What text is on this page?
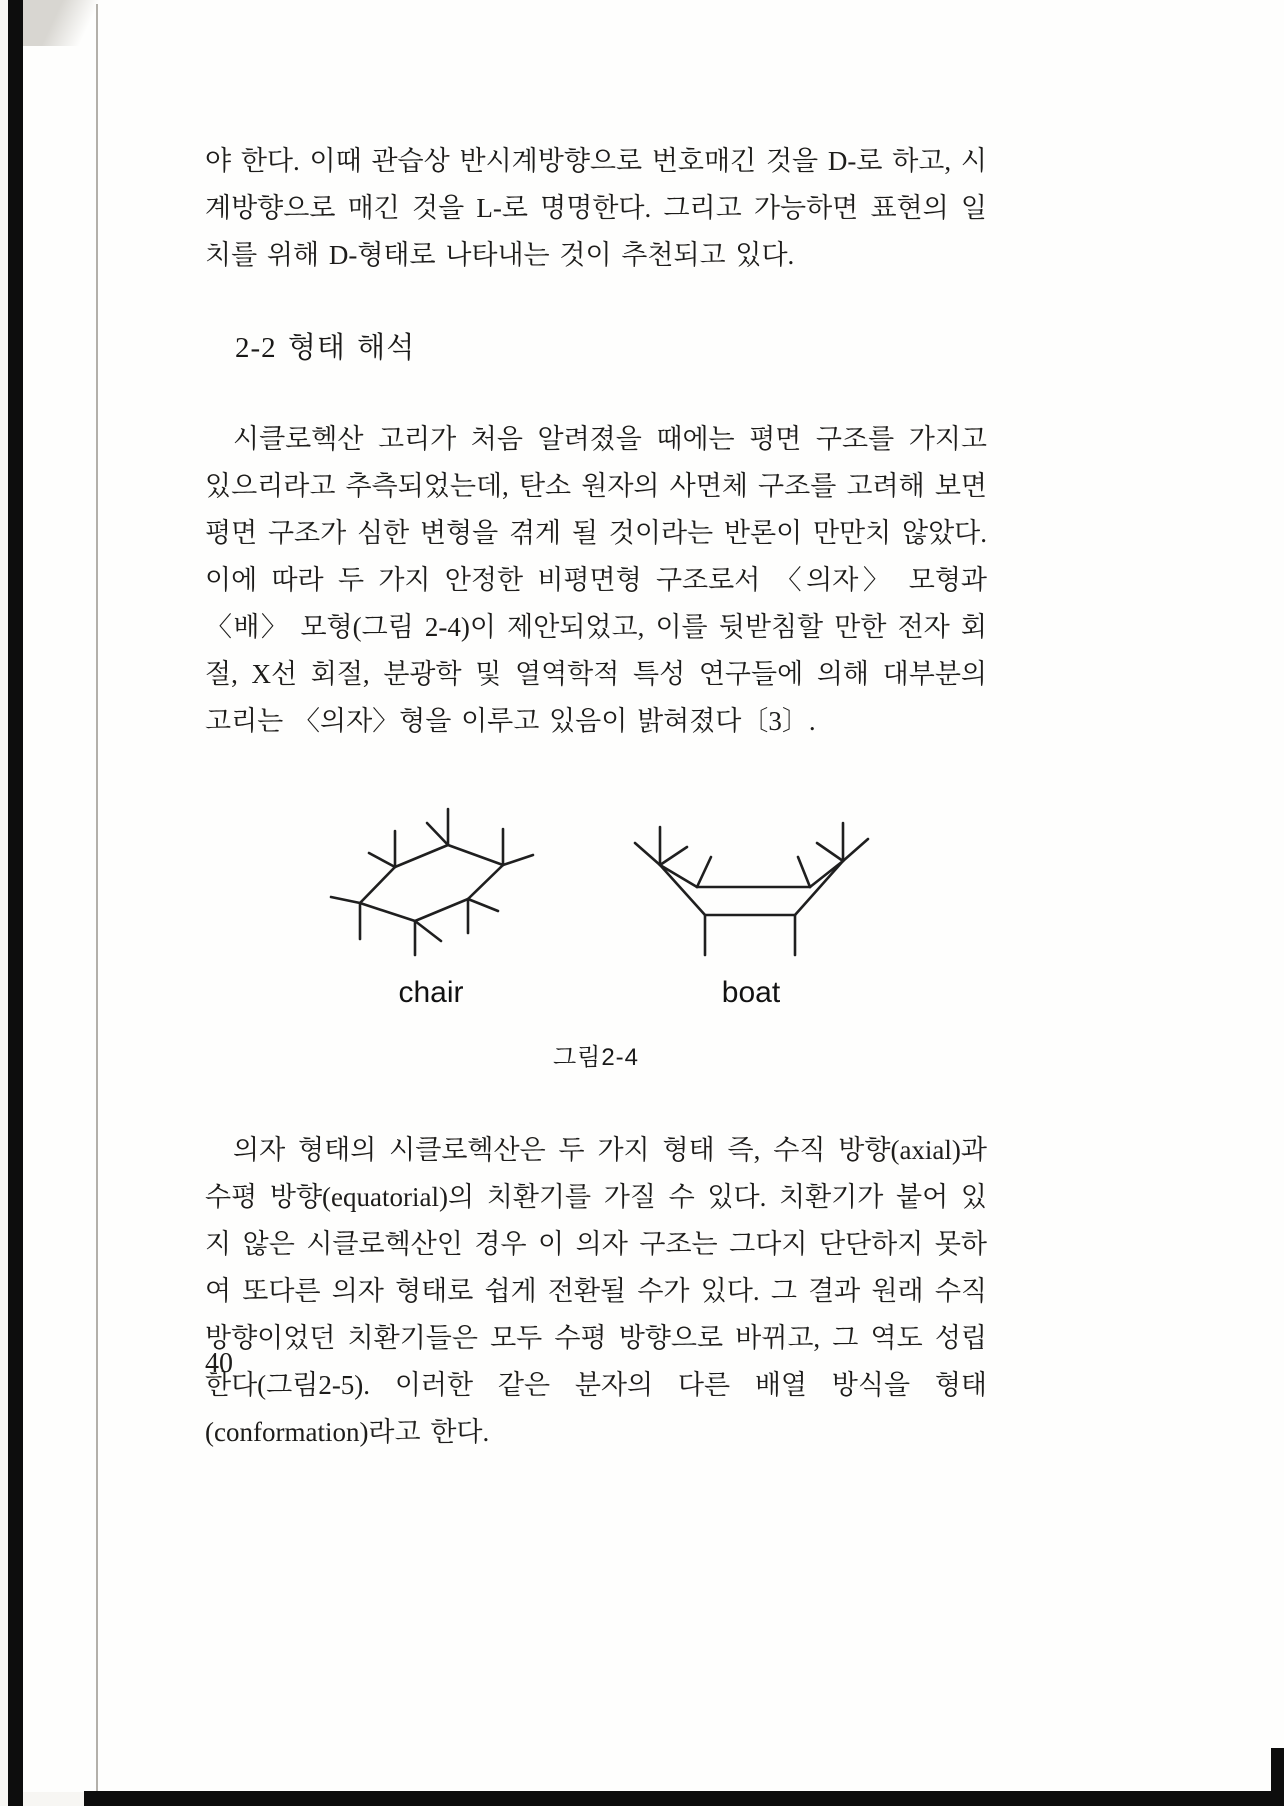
야 한다. 이때 관습상 반시계방향으로 번호매긴 것을 D-로 하고, 시계방향으로 매긴 것을 L-로 명명한다. 그리고 가능하면 표현의 일치를 위해 D-형태로 나타내는 것이 추천되고 있다.

2-2 형태 해석

시클로헥산 고리가 처음 알려졌을 때에는 평면 구조를 가지고 있으리라고 추측되었는데, 탄소 원자의 사면체 구조를 고려해 보면 평면 구조가 심한 변형을 겪게 될 것이라는 반론이 만만치 않았다. 이에 따라 두 가지 안정한 비평면형 구조로서 〈의자〉 모형과 〈배〉 모형(그림 2-4)이 제안되었고, 이를 뒷받침할 만한 전자 회절, X선 회절, 분광학 및 열역학적 특성 연구들에 의해 대부분의 고리는 〈의자〉형을 이루고 있음이 밝혀졌다〔3〕.

chair	boat
그림2-4

의자 형태의 시클로헥산은 두 가지 형태 즉, 수직 방향(axial)과 수평 방향(equatorial)의 치환기를 가질 수 있다. 치환기가 붙어 있지 않은 시클로헥산인 경우 이 의자 구조는 그다지 단단하지 못하여 또다른 의자 형태로 쉽게 전환될 수가 있다. 그 결과 원래 수직 방향이었던 치환기들은 모두 수평 방향으로 바뀌고, 그 역도 성립한다(그림2-5). 이러한 같은 분자의 다른 배열 방식을 형태(conformation)라고 한다.

40
